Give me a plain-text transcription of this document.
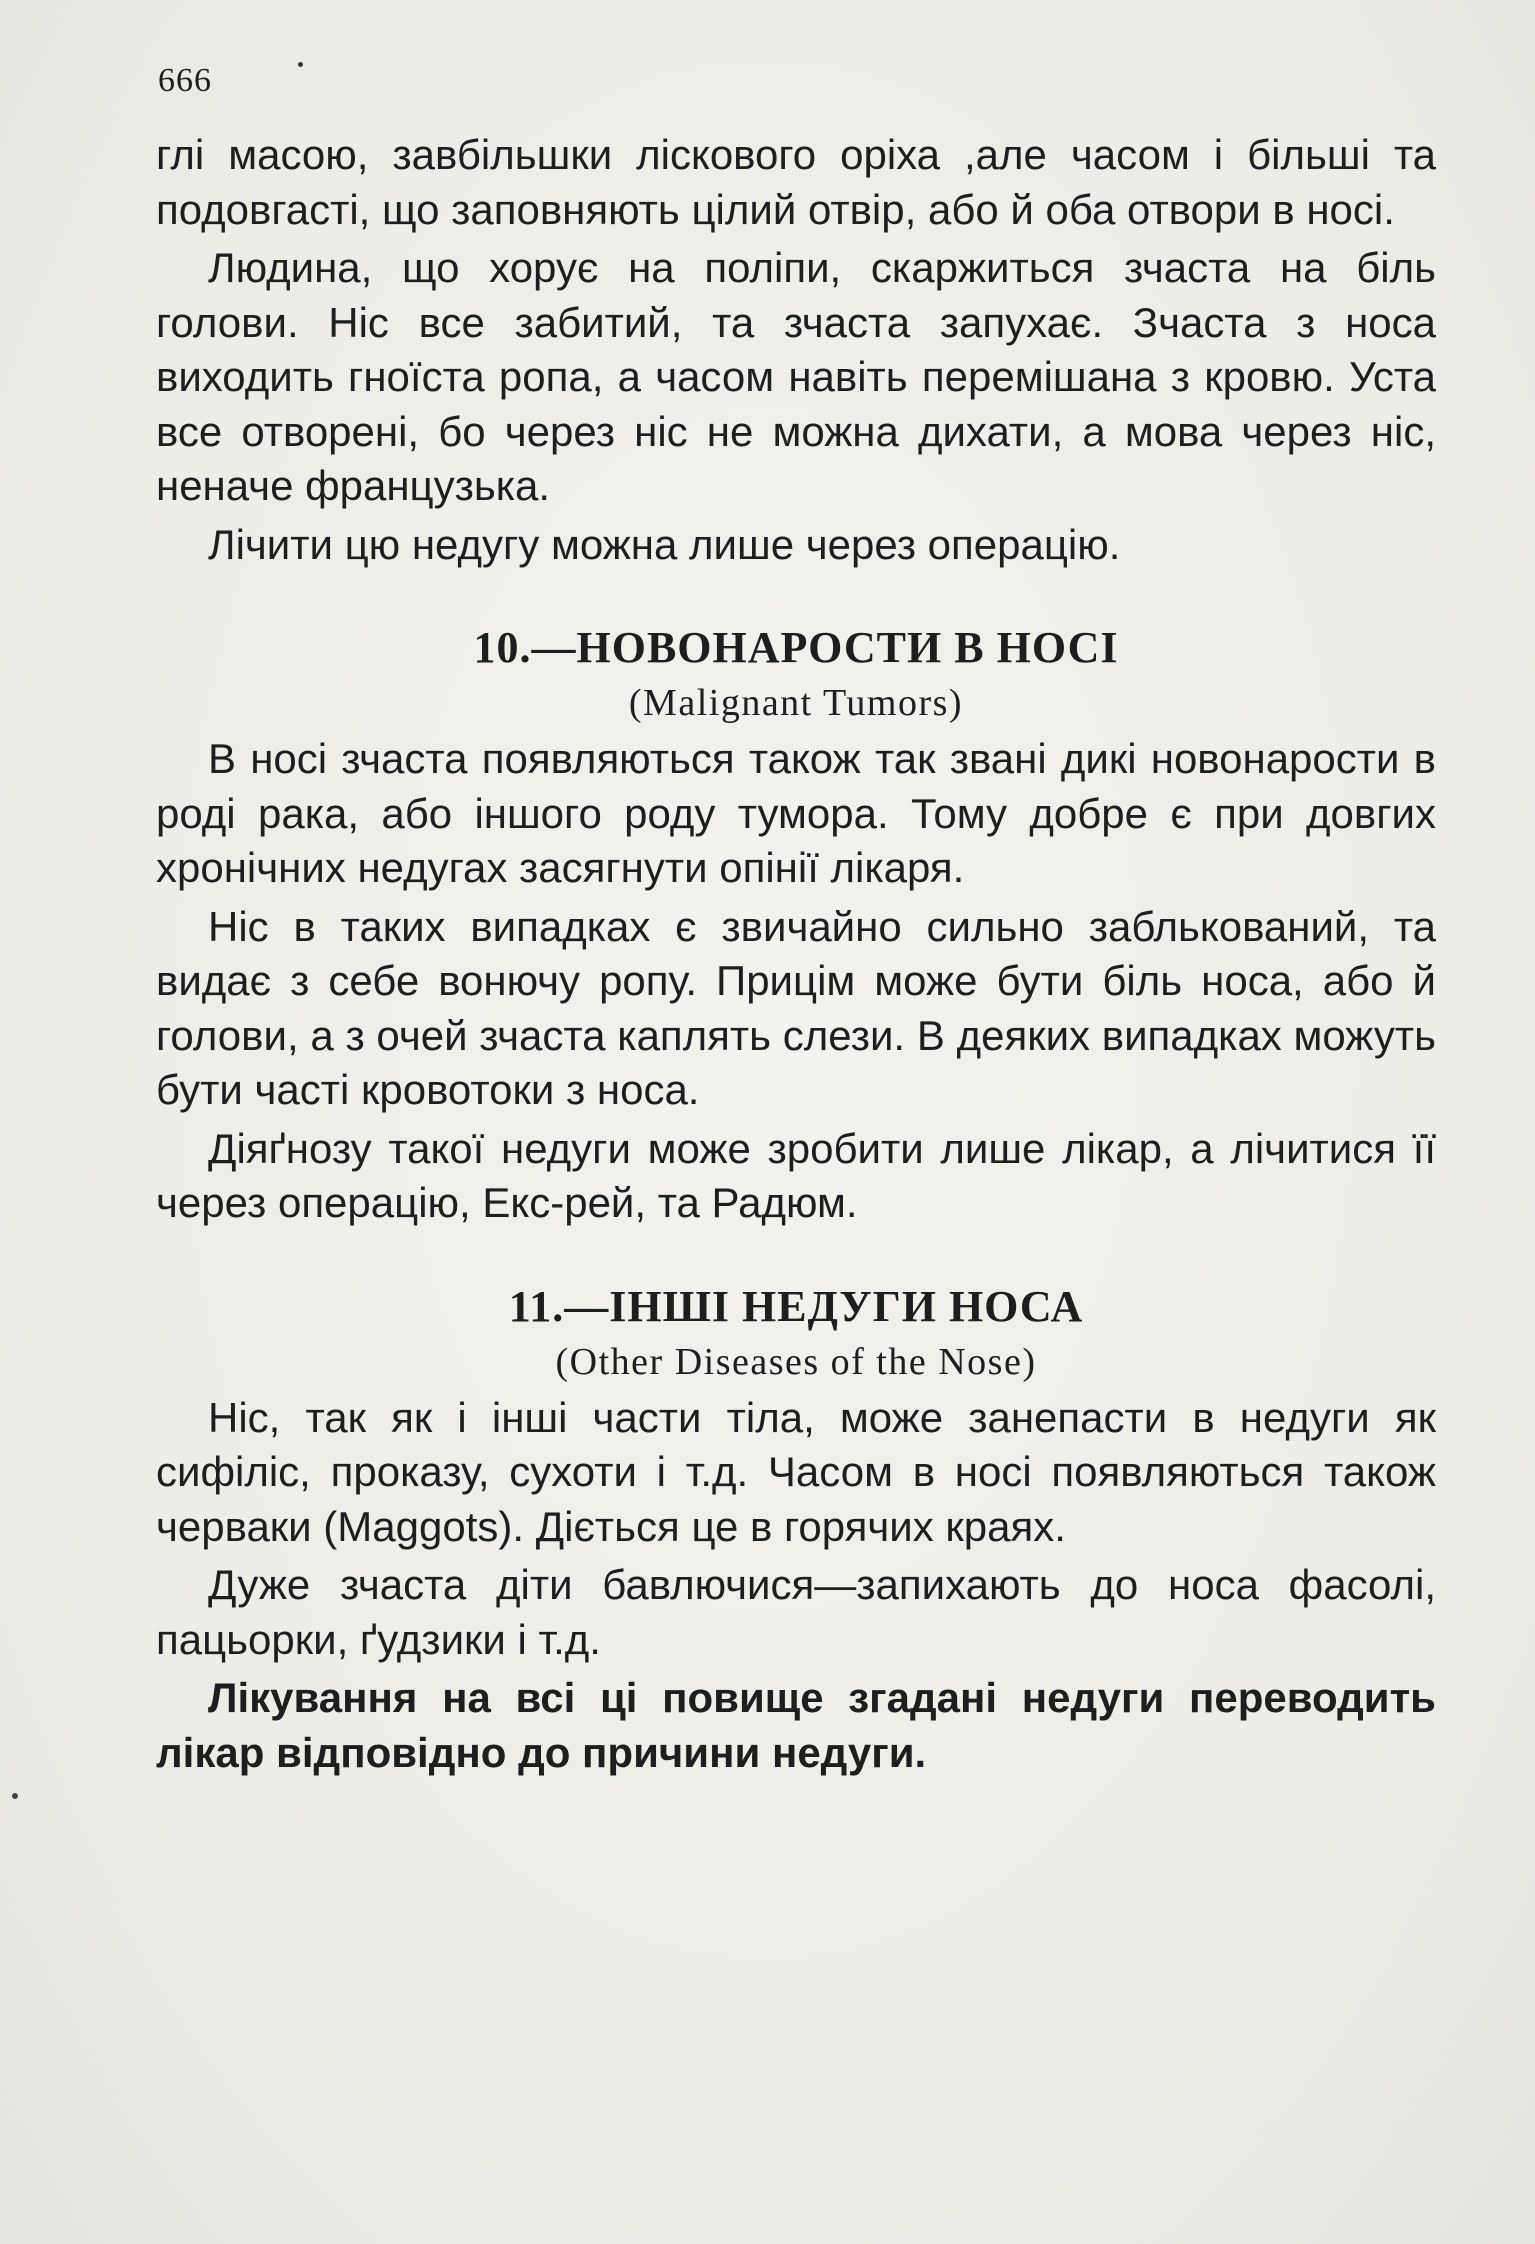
666

глі масою, завбільшки ліскового оріха ,але часом і більші та подовгасті, що заповняють цілий отвір, або й оба отвори в носі.

Людина, що хорує на поліпи, скаржиться зчаста на біль голови. Ніс все забитий, та зчаста запухає. Зчаста з носа виходить гноїста ропа, а часом навіть перемішана з кровю. Уста все отворені, бо через ніс не можна дихати, а мова через ніс, неначе французька.

Лічити цю недугу можна лише через операцію.

10.—НОВОНАРОСТИ В НОСІ
(Malignant Tumors)

В носі зчаста появляються також так звані дикі новонарости в роді рака, або іншого роду тумора. Тому добре є при довгих хронічних недугах засягнути опінії лікаря.

Ніс в таких випадках є звичайно сильно заблькований, та видає з себе вонючу ропу. Прицім може бути біль носа, або й голови, а з очей зчаста каплять слези. В деяких випадках можуть бути часті кровотоки з носа.

Діяґнозу такої недуги може зробити лише лікар, а лічитися її через операцію, Екс-рей, та Радюм.

11.—ІНШІ НЕДУГИ НОСА
(Other Diseases of the Nose)

Ніс, так як і інші части тіла, може занепасти в недуги як сифіліс, проказу, сухоти і т.д. Часом в носі появляються також черваки (Maggots). Діється це в горячих краях.

Дуже зчаста діти бавлючися—запихають до носа фасолі, пацьорки, ґудзики і т.д.

Лікування на всі ці повище згадані недуги переводить лікар відповідно до причини недуги.
